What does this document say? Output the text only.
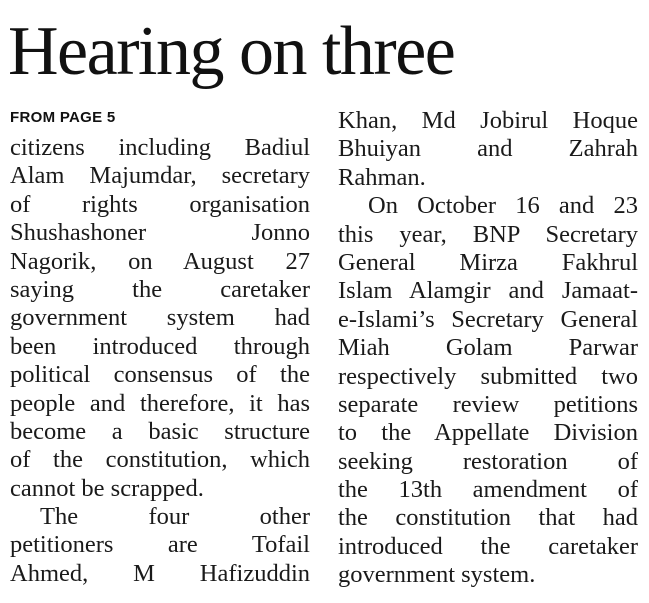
Hearing on three
FROM PAGE 5
citizens including Badiul
Alam Majumdar, secretary
of rights organisation
Shushashoner Jonno
Nagorik, on August 27
saying the caretaker
government system had
been introduced through
political consensus of the
people and therefore, it has
become a basic structure
of the constitution, which
cannot be scrapped.
The four other
petitioners are Tofail
Ahmed, M Hafizuddin
Khan, Md Jobirul Hoque
Bhuiyan and Zahrah
Rahman.
On October 16 and 23
this year, BNP Secretary
General Mirza Fakhrul
Islam Alamgir and Jamaat-
e-Islami’s Secretary General
Miah Golam Parwar
respectively submitted two
separate review petitions
to the Appellate Division
seeking restoration of
the 13th amendment of
the constitution that had
introduced the caretaker
government system.
